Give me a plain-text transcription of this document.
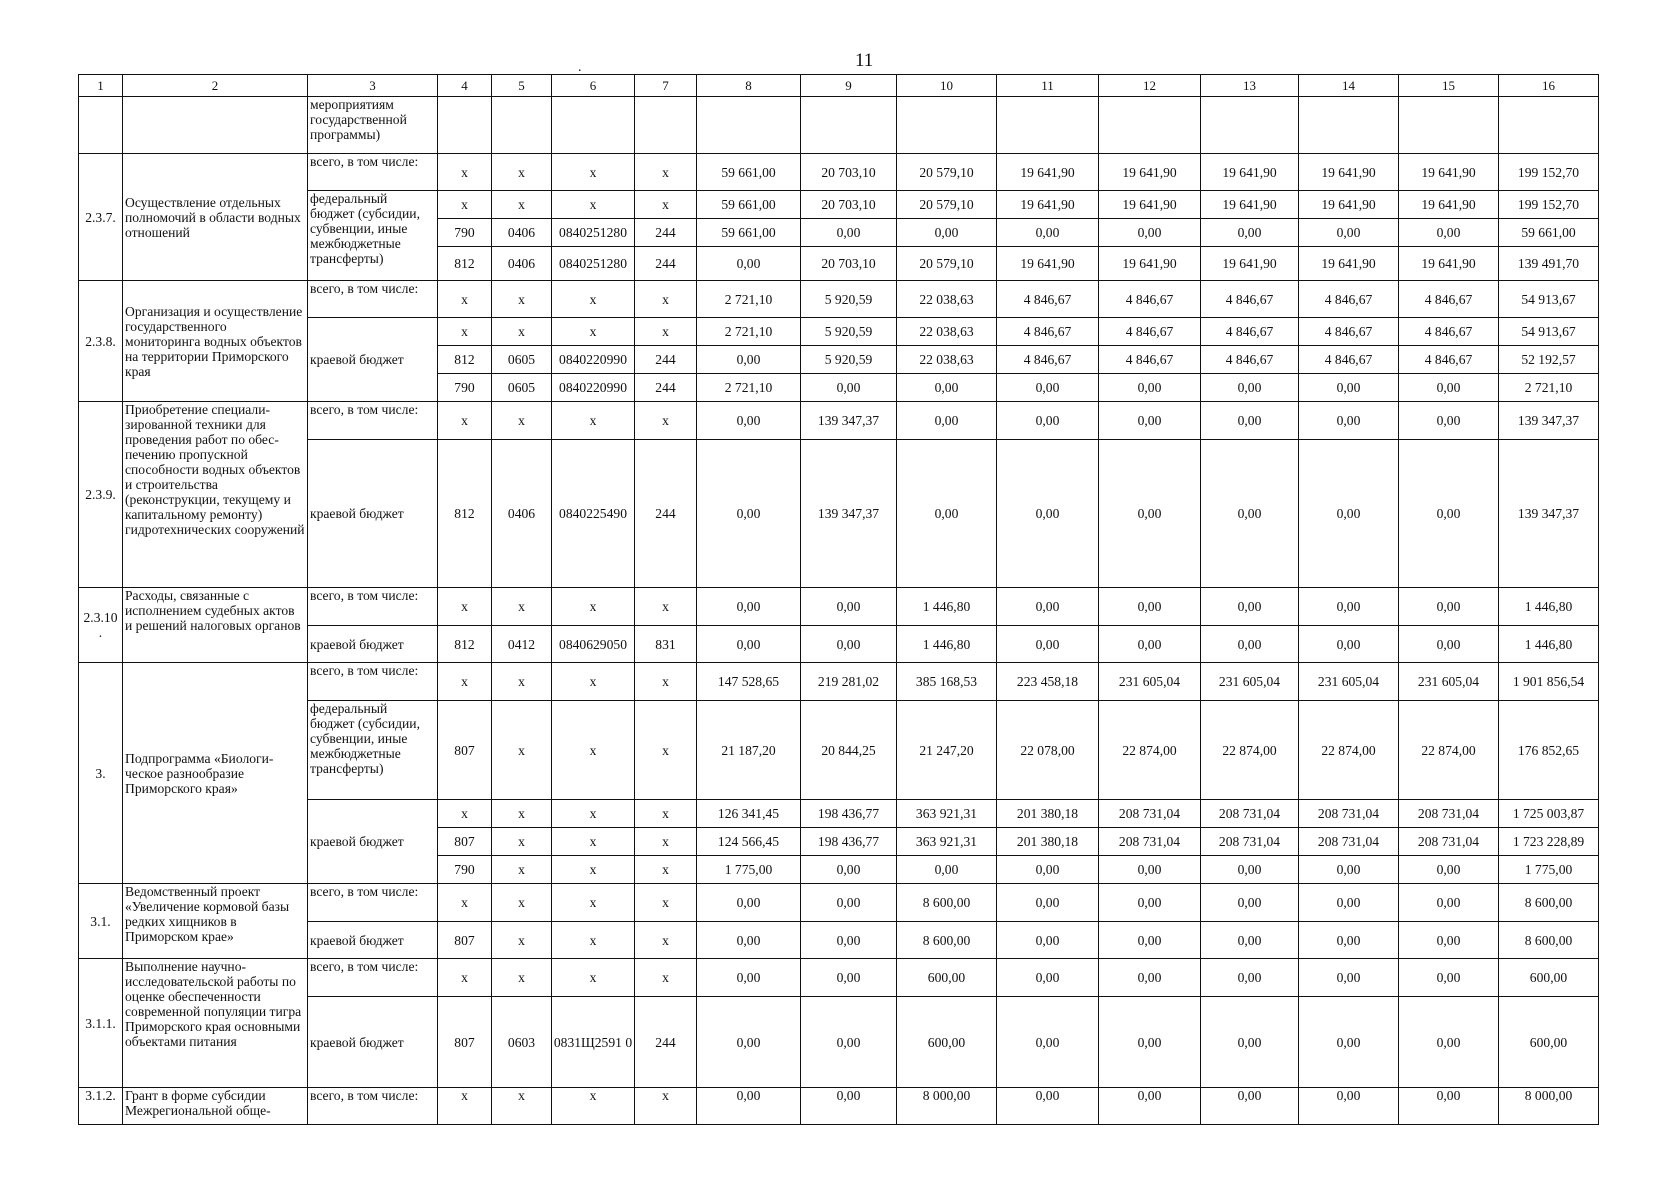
11
.
1	2	3	4	5	6	7	8	9	10	11	12	13	14	15	16
		мероприятиям государственной программы)													
2.3.7.	Осуществление отдельных полномочий в области водных отношений	всего, в том числе:	x	x	x	x	59 661,00	20 703,10	20 579,10	19 641,90	19 641,90	19 641,90	19 641,90	19 641,90	199 152,70
		федеральный бюджет (субсидии, субвенции, иные межбюджетные трансферты)	x	x	x	x	59 661,00	20 703,10	20 579,10	19 641,90	19 641,90	19 641,90	19 641,90	19 641,90	199 152,70
			790	0406	0840251280	244	59 661,00	0,00	0,00	0,00	0,00	0,00	0,00	0,00	59 661,00
			812	0406	0840251280	244	0,00	20 703,10	20 579,10	19 641,90	19 641,90	19 641,90	19 641,90	19 641,90	139 491,70
2.3.8.	Организация и осуществление государственного мониторинга водных объектов на территории Приморского края	всего, в том числе:	x	x	x	x	2 721,10	5 920,59	22 038,63	4 846,67	4 846,67	4 846,67	4 846,67	4 846,67	54 913,67
		краевой бюджет	x	x	x	x	2 721,10	5 920,59	22 038,63	4 846,67	4 846,67	4 846,67	4 846,67	4 846,67	54 913,67
			812	0605	0840220990	244	0,00	5 920,59	22 038,63	4 846,67	4 846,67	4 846,67	4 846,67	4 846,67	52 192,57
			790	0605	0840220990	244	2 721,10	0,00	0,00	0,00	0,00	0,00	0,00	0,00	2 721,10
2.3.9.	Приобретение специализированной техники для проведения работ по обеспечению пропускной способности водных объектов и строительства (реконструкции, текущему и капитальному ремонту) гидротехнических сооружений	всего, в том числе:	x	x	x	x	0,00	139 347,37	0,00	0,00	0,00	0,00	0,00	0,00	139 347,37
		краевой бюджет	812	0406	0840225490	244	0,00	139 347,37	0,00	0,00	0,00	0,00	0,00	0,00	139 347,37
2.3.10 .	Расходы, связанные с исполнением судебных актов и решений налоговых органов	всего, в том числе:	x	x	x	x	0,00	0,00	1 446,80	0,00	0,00	0,00	0,00	0,00	1 446,80
		краевой бюджет	812	0412	0840629050	831	0,00	0,00	1 446,80	0,00	0,00	0,00	0,00	0,00	1 446,80
3.	Подпрограмма «Биологическое разнообразие Приморского края»	всего, в том числе:	x	x	x	x	147 528,65	219 281,02	385 168,53	223 458,18	231 605,04	231 605,04	231 605,04	231 605,04	1 901 856,54
		федеральный бюджет (субсидии, субвенции, иные межбюджетные трансферты)	807	x	x	x	21 187,20	20 844,25	21 247,20	22 078,00	22 874,00	22 874,00	22 874,00	22 874,00	176 852,65
		краевой бюджет	x	x	x	x	126 341,45	198 436,77	363 921,31	201 380,18	208 731,04	208 731,04	208 731,04	208 731,04	1 725 003,87
			807	x	x	x	124 566,45	198 436,77	363 921,31	201 380,18	208 731,04	208 731,04	208 731,04	208 731,04	1 723 228,89
			790	x	x	x	1 775,00	0,00	0,00	0,00	0,00	0,00	0,00	0,00	1 775,00
3.1.	Ведомственный проект «Увеличение кормовой базы редких хищников в Приморском крае»	всего, в том числе:	x	x	x	x	0,00	0,00	8 600,00	0,00	0,00	0,00	0,00	0,00	8 600,00
		краевой бюджет	807	x	x	x	0,00	0,00	8 600,00	0,00	0,00	0,00	0,00	0,00	8 600,00
3.1.1.	Выполнение научно-исследовательской работы по оценке обеспеченности современной популяции тигра Приморского края основными объектами питания	всего, в том числе:	x	x	x	x	0,00	0,00	600,00	0,00	0,00	0,00	0,00	0,00	600,00
		краевой бюджет	807	0603	0831Щ2591 0	244	0,00	0,00	600,00	0,00	0,00	0,00	0,00	0,00	600,00
3.1.2.	Грант в форме субсидии Межрегиональной обще-	всего, в том числе:	x	x	x	x	0,00	0,00	8 000,00	0,00	0,00	0,00	0,00	0,00	8 000,00
